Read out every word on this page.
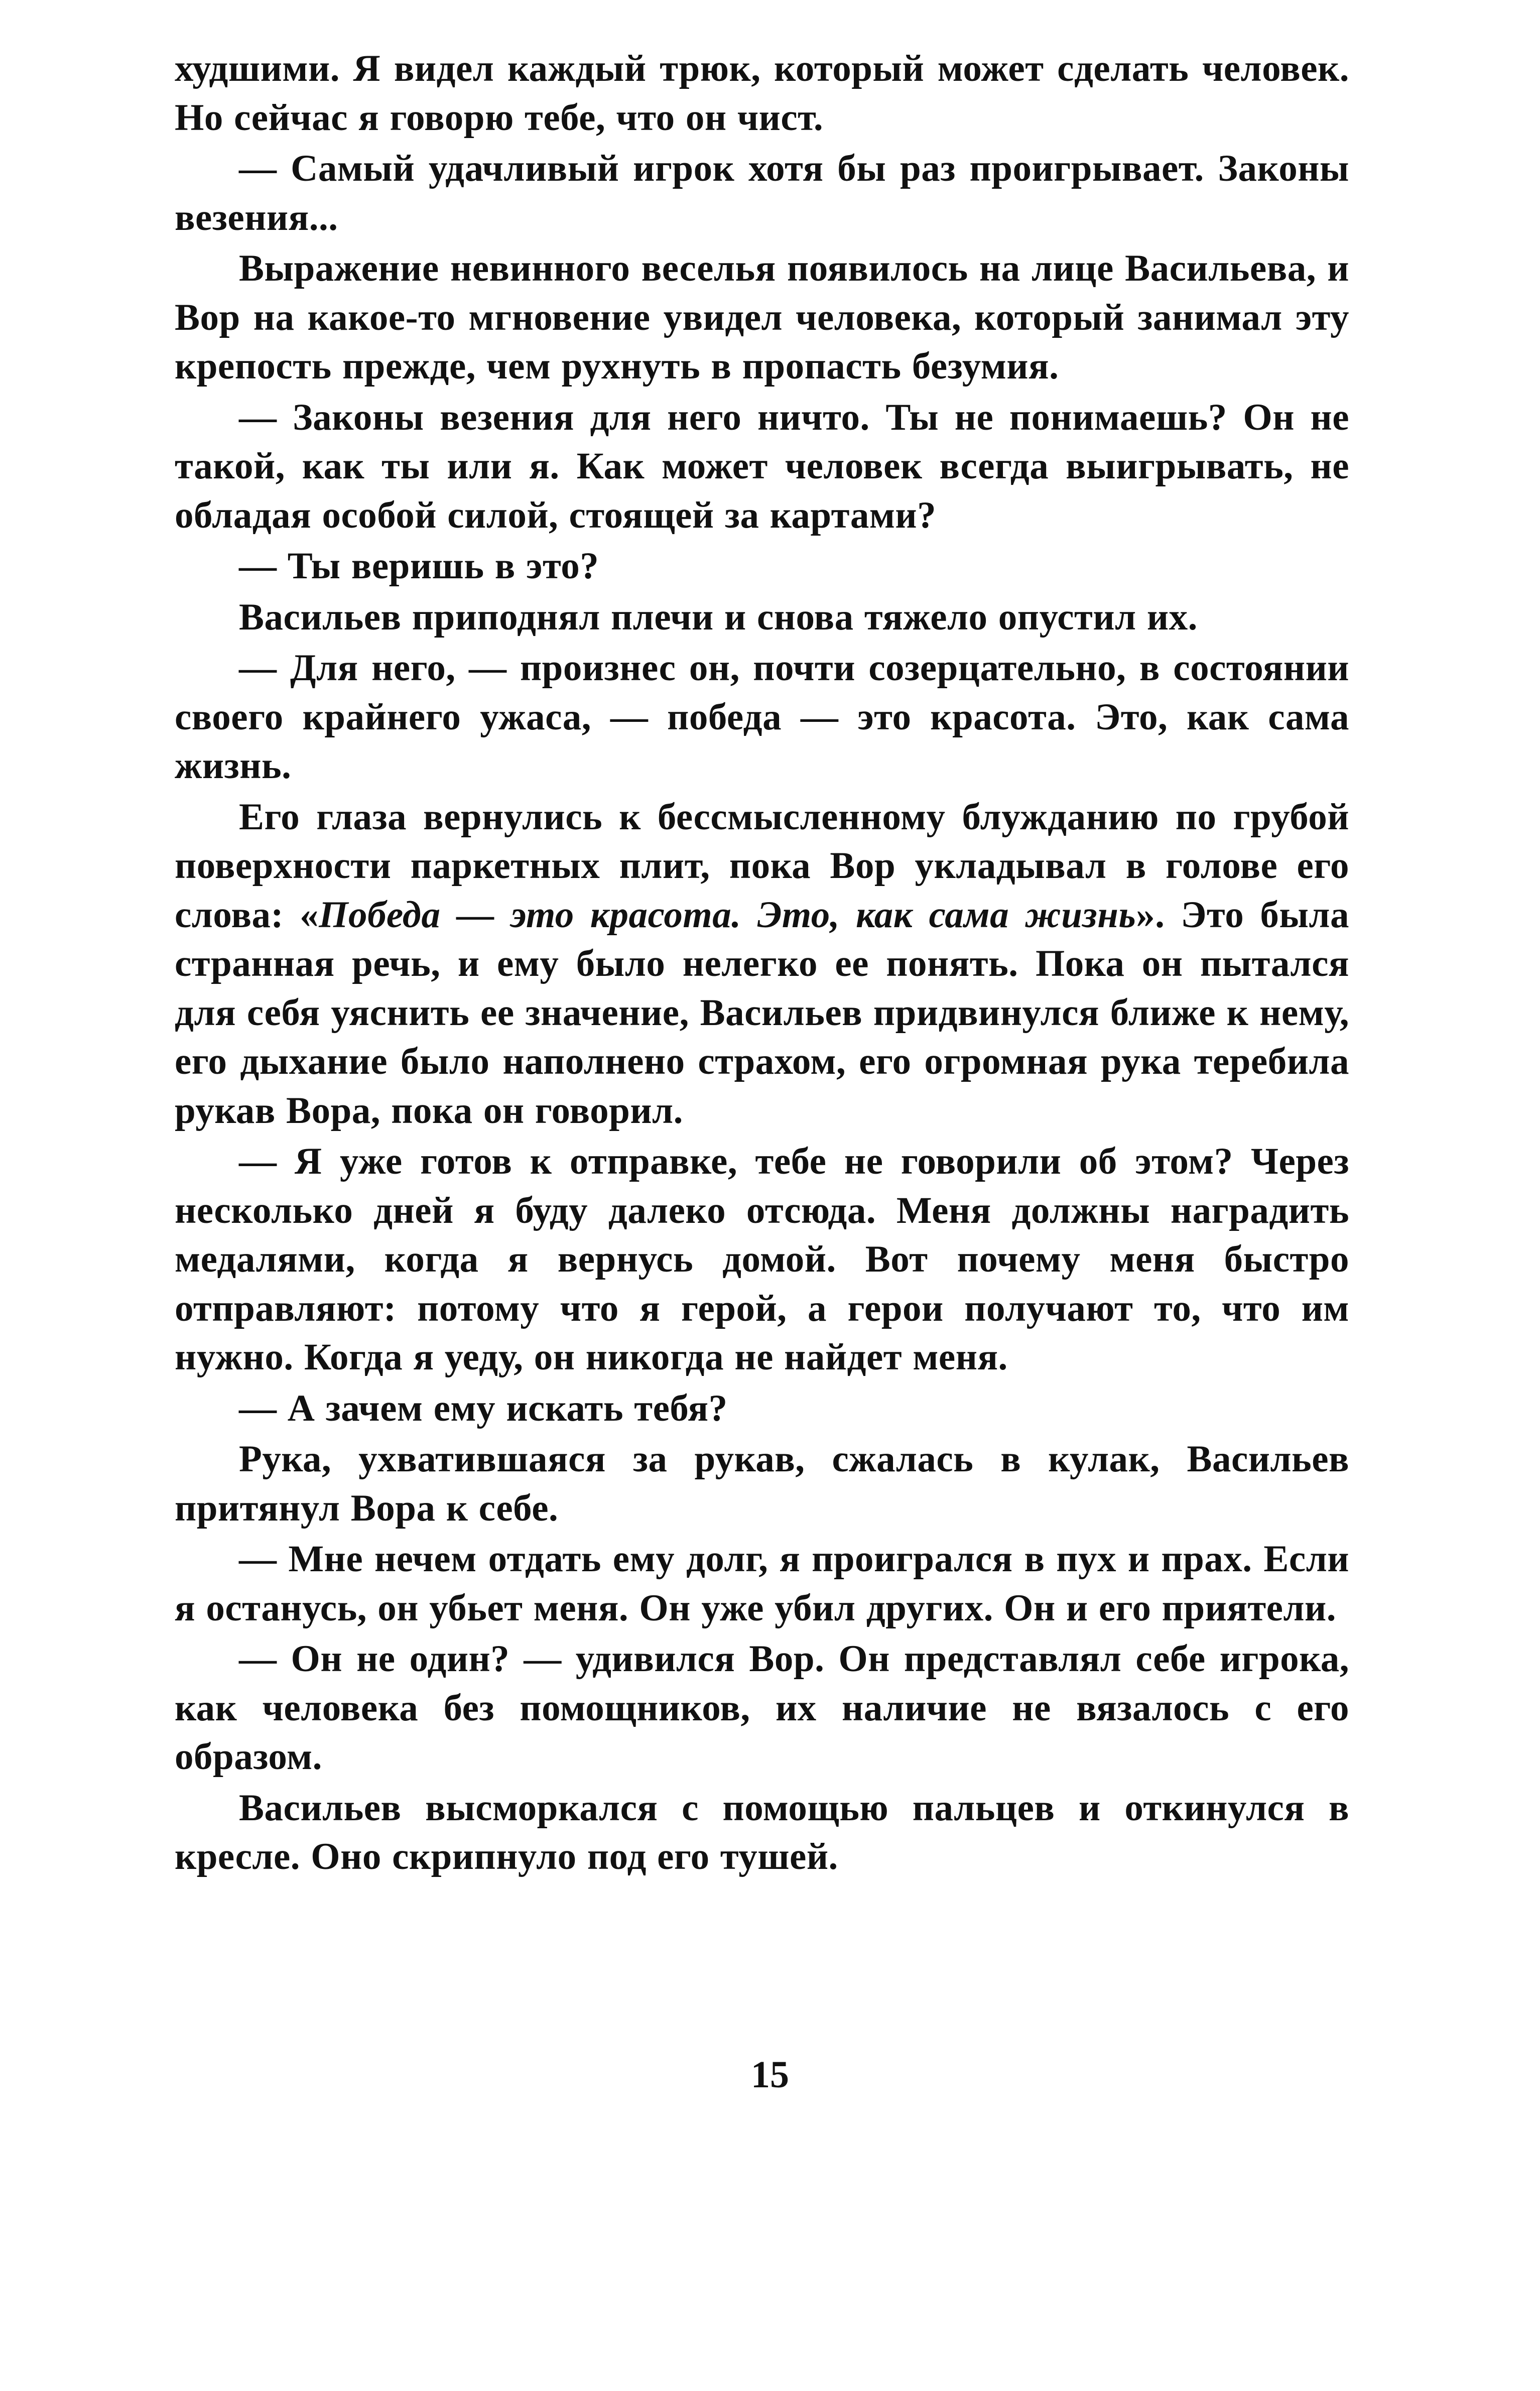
худшими. Я видел каждый трюк, который может сделать человек. Но сейчас я говорю тебе, что он чист.

— Самый удачливый игрок хотя бы раз проигрывает. Законы везения...

Выражение невинного веселья появилось на лице Васильева, и Вор на какое-то мгновение увидел человека, который занимал эту крепость прежде, чем рухнуть в пропасть безумия.

— Законы везения для него ничто. Ты не понимаешь? Он не такой, как ты или я. Как может человек всегда выигрывать, не обладая особой силой, стоящей за картами?

— Ты веришь в это?

Васильев приподнял плечи и снова тяжело опустил их.

— Для него, — произнес он, почти созерцательно, в состоянии своего крайнего ужаса, — победа — это красота. Это, как сама жизнь.

Его глаза вернулись к бессмысленному блужданию по грубой поверхности паркетных плит, пока Вор укладывал в голове его слова: «Победа — это красота. Это, как сама жизнь». Это была странная речь, и ему было нелегко ее понять. Пока он пытался для себя уяснить ее значение, Васильев придвинулся ближе к нему, его дыхание было наполнено страхом, его огромная рука теребила рукав Вора, пока он говорил.

— Я уже готов к отправке, тебе не говорили об этом? Через несколько дней я буду далеко отсюда. Меня должны наградить медалями, когда я вернусь домой. Вот почему меня быстро отправляют: потому что я герой, а герои получают то, что им нужно. Когда я уеду, он никогда не найдет меня.

— А зачем ему искать тебя?

Рука, ухватившаяся за рукав, сжалась в кулак, Васильев притянул Вора к себе.

— Мне нечем отдать ему долг, я проигрался в пух и прах. Если я останусь, он убьет меня. Он уже убил других. Он и его приятели.

— Он не один? — удивился Вор. Он представлял себе игрока, как человека без помощников, их наличие не вязалось с его образом.

Васильев высморкался с помощью пальцев и откинулся в кресле. Оно скрипнуло под его тушей.

15
